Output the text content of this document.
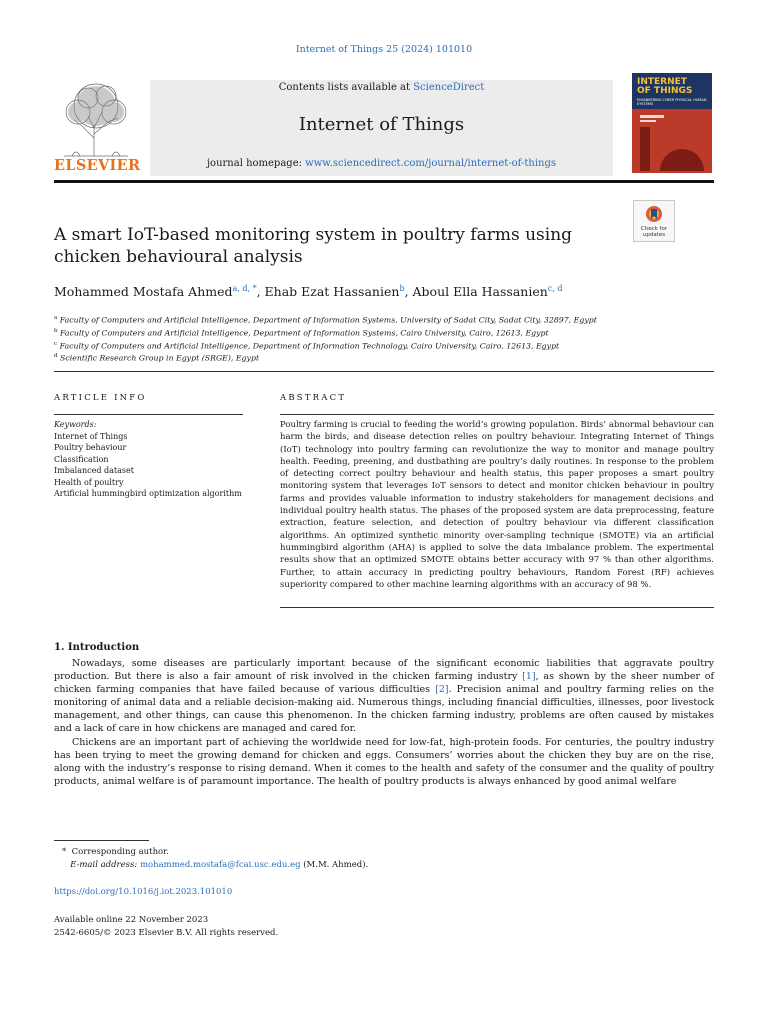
Internet of Things 25 (2024) 101010
ELSEVIER
Contents lists available at ScienceDirect
Internet of Things
journal homepage: www.sciencedirect.com/journal/internet-of-things
INTERNET
OF THINGS
ENGINEERING CYBER PHYSICAL HUMAN SYSTEMS
A smart IoT-based monitoring system in poultry farms using
chicken behavioural analysis
Check for updates
Mohammed Mostafa Ahmed$^{a, d, *}$, Ehab Ezat Hassanien$^b$, Aboul Ella Hassanien$^{c, d}$
$^a$ Faculty of Computers and Artificial Intelligence, Department of Information Systems, University of Sadat City, Sadat City, 32897, Egypt
$^b$ Faculty of Computers and Artificial Intelligence, Department of Information Systems, Cairo University, Cairo, 12613, Egypt
$^c$ Faculty of Computers and Artificial Intelligence, Department of Information Technology, Cairo University, Cairo, 12613, Egypt
$^d$ Scientific Research Group in Egypt (SRGE), Egypt
ARTICLE INFO
Keywords:
Internet of Things
Poultry behaviour
Classification
Imbalanced dataset
Health of poultry
Artificial hummingbird optimization algorithm
ABSTRACT
Poultry farming is crucial to feeding the world’s growing population. Birds’ abnormal behaviour can harm the birds, and disease detection relies on poultry behaviour. Integrating Internet of Things (IoT) technology into poultry farming can revolutionize the way to monitor and manage poultry health. Feeding, preening, and dustbathing are poultry’s daily routines. In response to the problem of detecting correct poultry behaviour and health status, this paper proposes a smart poultry monitoring system that leverages IoT sensors to detect and monitor chicken behaviour in poultry farms and provides valuable information to industry stakeholders for management decisions and individual poultry health status. The phases of the proposed system are data preprocessing, feature extraction, feature selection, and detection of poultry behaviour via different classification algorithms. An optimized synthetic minority over-sampling technique (SMOTE) via an artificial hummingbird algorithm (AHA) is applied to solve the data imbalance problem. The experimental results show that an optimized SMOTE obtains better accuracy with 97 % than other algorithms. Further, to attain accuracy in predicting poultry behaviours, Random Forest (RF) achieves superiority compared to other machine learning algorithms with an accuracy of 98 %.
1. Introduction

Nowadays, some diseases are particularly important because of the significant economic liabilities that aggravate poultry production. But there is also a fair amount of risk involved in the chicken farming industry [1], as shown by the sheer number of chicken farming companies that have failed because of various difficulties [2]. Precision animal and poultry farming relies on the monitoring of animal data and a reliable decision-making aid. Numerous things, including financial difficulties, illnesses, poor livestock management, and other things, can cause this phenomenon. In the chicken farming industry, problems are often caused by mistakes and a lack of care in how chickens are managed and cared for.

Chickens are an important part of achieving the worldwide need for low-fat, high-protein foods. For centuries, the poultry industry has been trying to meet the growing demand for chicken and eggs. Consumers’ worries about the chicken they buy are on the rise, along with the industry’s response to rising demand. When it comes to the health and safety of the consumer and the quality of poultry products, animal welfare is of paramount importance. The health of poultry products is always enhanced by good animal welfare

* Corresponding author.
E-mail address: mohammed.mostafa@fcai.usc.edu.eg (M.M. Ahmed).
https://doi.org/10.1016/j.iot.2023.101010
Available online 22 November 2023
2542-6605/© 2023 Elsevier B.V. All rights reserved.
